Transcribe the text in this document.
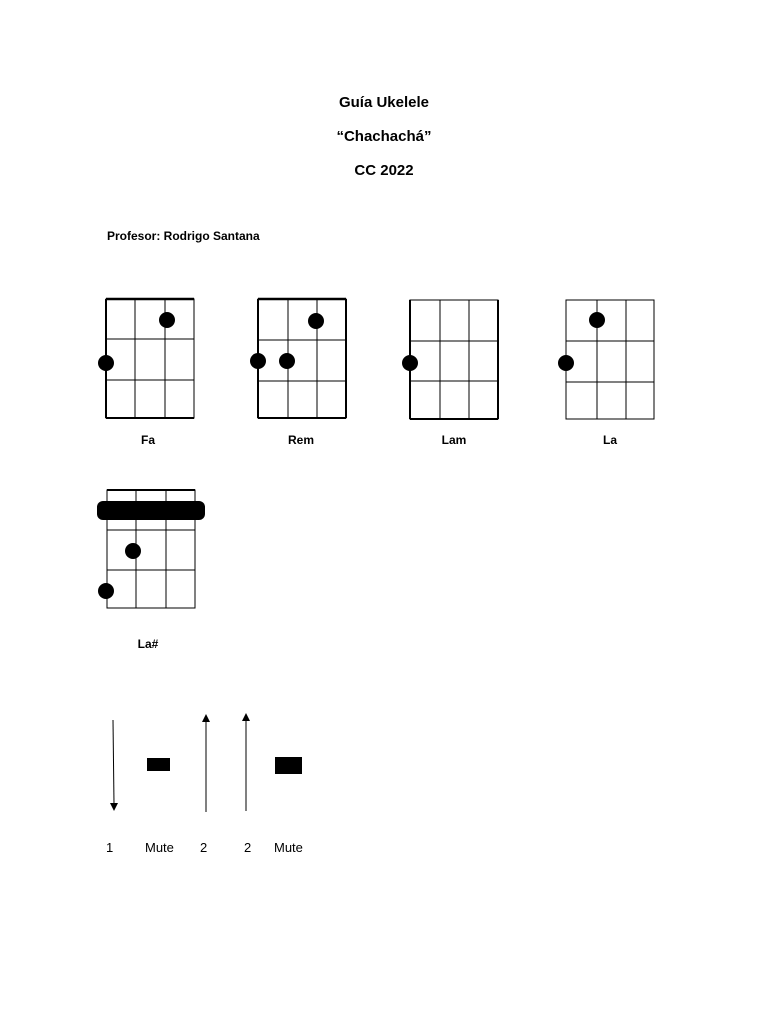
Guía Ukelele
“Chachachá”
CC 2022
Profesor: Rodrigo Santana
Fa	Rem	Lam	La
La#
1 Mute 2	2 Mute
